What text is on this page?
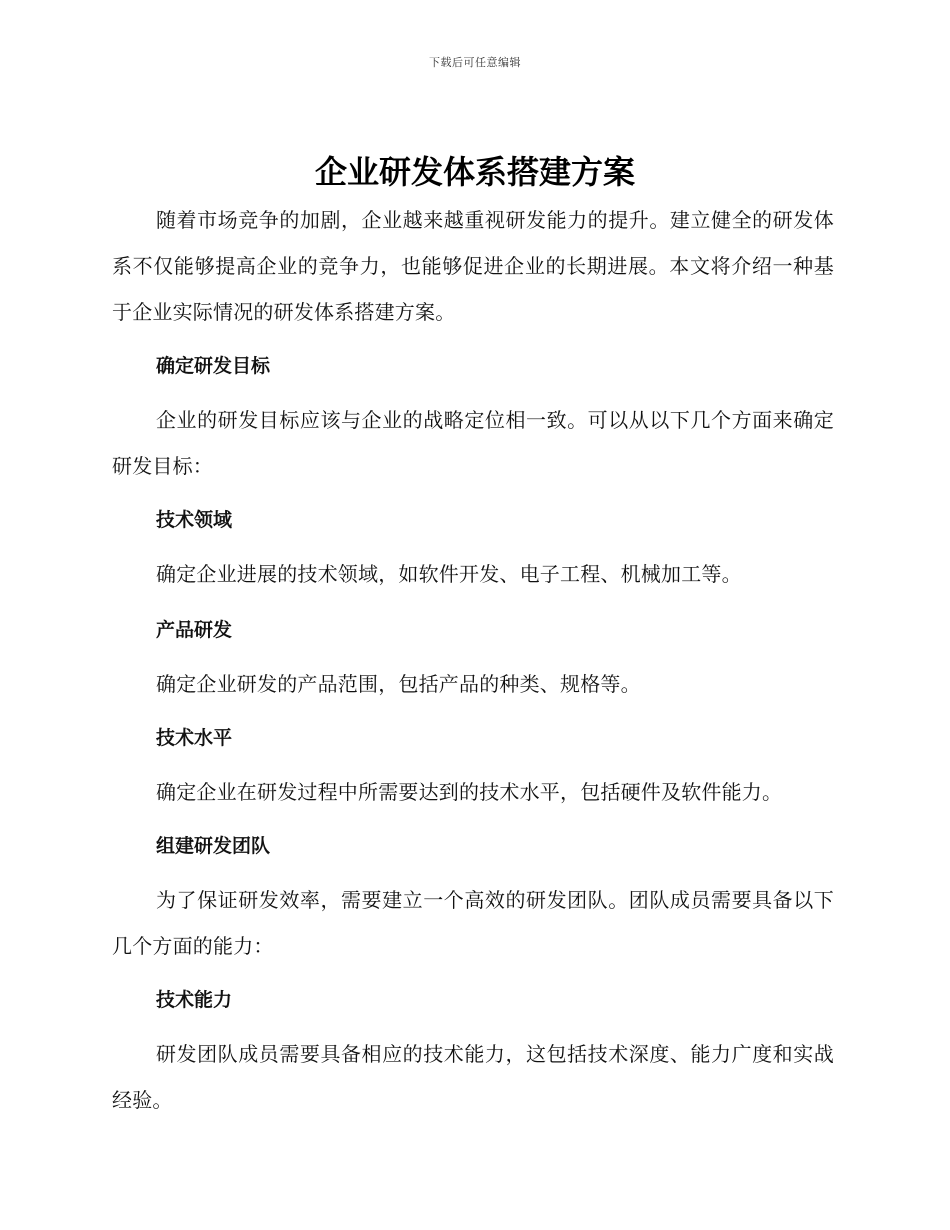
下载后可任意编辑
企业研发体系搭建方案

随着市场竞争的加剧，企业越来越重视研发能力的提升。建立健全的研发体系不仅能够提高企业的竞争力，也能够促进企业的长期进展。本文将介绍一种基于企业实际情况的研发体系搭建方案。

确定研发目标

企业的研发目标应该与企业的战略定位相一致。可以从以下几个方面来确定研发目标：

技术领域

确定企业进展的技术领域，如软件开发、电子工程、机械加工等。

产品研发

确定企业研发的产品范围，包括产品的种类、规格等。

技术水平

确定企业在研发过程中所需要达到的技术水平，包括硬件及软件能力。

组建研发团队

为了保证研发效率，需要建立一个高效的研发团队。团队成员需要具备以下几个方面的能力：

技术能力

研发团队成员需要具备相应的技术能力，这包括技术深度、能力广度和实战经验。
